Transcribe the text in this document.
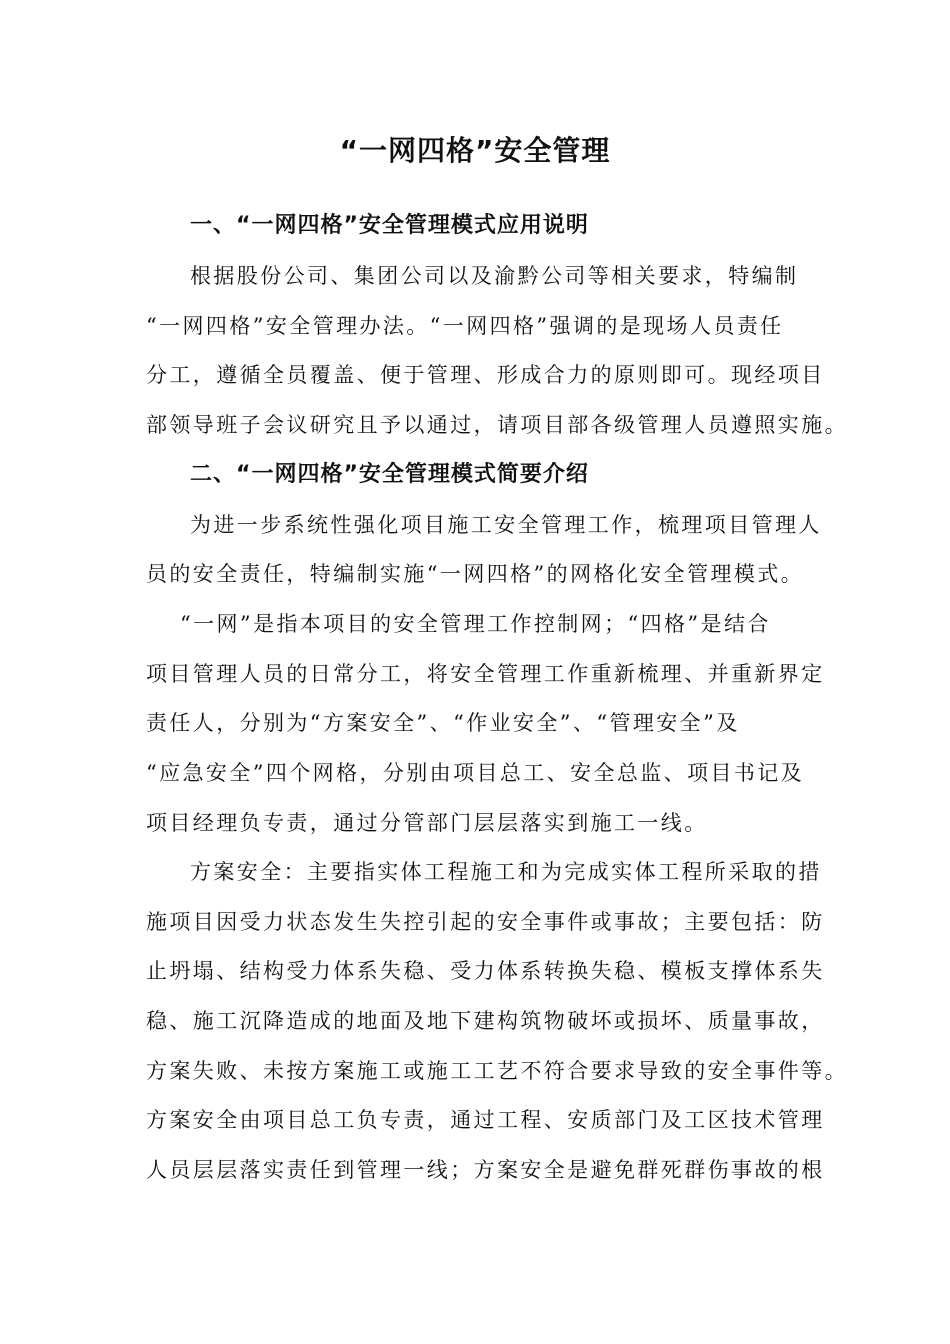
“一网四格”安全管理
一、“一网四格”安全管理模式应用说明
根据股份公司、集团公司以及渝黔公司等相关要求，特编制
“一网四格”安全管理办法。“一网四格”强调的是现场人员责任
分工，遵循全员覆盖、便于管理、形成合力的原则即可。现经项目
部领导班子会议研究且予以通过，请项目部各级管理人员遵照实施。
二、“一网四格”安全管理模式简要介绍
为进一步系统性强化项目施工安全管理工作，梳理项目管理人
员的安全责任，特编制实施“一网四格”的网格化安全管理模式。
“一网”是指本项目的安全管理工作控制网；“四格”是结合
项目管理人员的日常分工，将安全管理工作重新梳理、并重新界定
责任人，分别为“方案安全”、“作业安全”、“管理安全”及
“应急安全”四个网格，分别由项目总工、安全总监、项目书记及
项目经理负专责，通过分管部门层层落实到施工一线。
方案安全：主要指实体工程施工和为完成实体工程所采取的措
施项目因受力状态发生失控引起的安全事件或事故；主要包括：防
止坍塌、结构受力体系失稳、受力体系转换失稳、模板支撑体系失
稳、施工沉降造成的地面及地下建构筑物破坏或损坏、质量事故，
方案失败、未按方案施工或施工工艺不符合要求导致的安全事件等。
方案安全由项目总工负专责，通过工程、安质部门及工区技术管理
人员层层落实责任到管理一线；方案安全是避免群死群伤事故的根
